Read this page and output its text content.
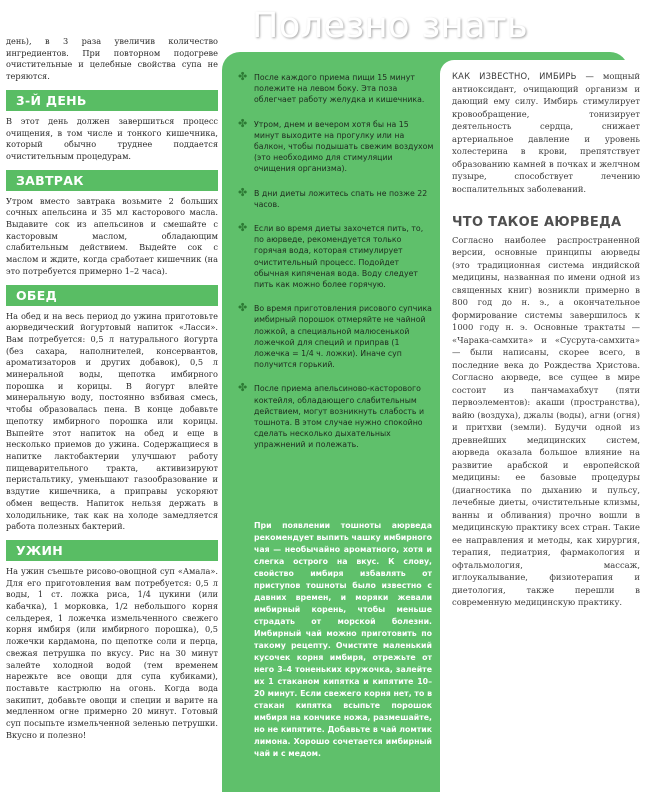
день), в 3 раза увеличив количество ингредиентов. При повторном подогреве очистительные и целебные свойства супа не теряются.

3-Й ДЕНЬ

В этот день должен завершиться процесс очищения, в том числе и тонкого кишечника, который обычно труднее поддается очистительным процедурам.

ЗАВТРАК

Утром вместо завтрака возьмите 2 больших сочных апельсина и 35 мл касторового масла. Выдавите сок из апельсинов и смешайте с касторовым маслом, обладающим слабительным действием. Выдейте сок с маслом и ждите, когда сработает кишечник (на это потребуется примерно 1–2 часа).

ОБЕД

На обед и на весь период до ужина приготовьте аюрведический йогуртовый напиток «Ласси». Вам потребуется: 0,5 л натурального йогурта (без сахара, наполнителей, консервантов, ароматизаторов и других добавок), 0,5 л минеральной воды, щепотка имбирного порошка и корицы. В йогурт влейте минеральную воду, постоянно взбивая смесь, чтобы образовалась пена. В конце добавьте щепотку имбирного порошка или корицы. Выпейте этот напиток на обед и еще в несколько приемов до ужина. Содержащиеся в напитке лактобактерии улучшают работу пищеварительного тракта, активизируют перистальтику, уменьшают газообразование и вздутие кишечника, а приправы ускоряют обмен веществ. Напиток нельзя держать в холодильнике, так как на холоде замедляется работа полезных бактерий.

УЖИН

На ужин съешьте рисово-овощной суп «Амала». Для его приготовления вам потребуется: 0,5 л воды, 1 ст. ложка риса, 1/4 цукини (или кабачка), 1 морковка, 1/2 небольшого корня сельдерея, 1 ложечка измельченного свежего корня имбиря (или имбирного порошка), 0,5 ложечки кардамона, по щепотке соли и перца, свежая петрушка по вкусу. Рис на 30 минут залейте холодной водой (тем временем нарежьте все овощи для супа кубиками), поставьте кастрюлю на огонь. Когда вода закипит, добавьте овощи и специи и варите на медленном огне примерно 20 минут. Готовый суп посыпьте измельченной зеленью петрушки. Вкусно и полезно!

Полезно знать
✤ После каждого приема пищи 15 минут полежите на левом боку. Эта поза облегчает работу желудка и кишечника.
✤ Утром, днем и вечером хотя бы на 15 минут выходите на прогулку или на балкон, чтобы подышать свежим воздухом (это необходимо для стимуляции очищения организма).
✤ В дни диеты ложитесь спать не позже 22 часов.
✤ Если во время диеты захочется пить, то, по аюрведе, рекомендуется только горячая вода, которая стимулирует очистительный процесс. Подойдет обычная кипяченая вода. Воду следует пить как можно более горячую.
✤ Во время приготовления рисового супчика имбирный порошок отмеряйте не чайной ложкой, а специальной малюсенькой ложечкой для специй и приправ (1 ложечка = 1/4 ч. ложки). Иначе суп получится горький.
✤ После приема апельсиново-касторового коктейля, обладающего слабительным действием, могут возникнуть слабость и тошнота. В этом случае нужно спокойно сделать несколько дыхательных упражнений и полежать.
При появлении тошноты аюрведа рекомендует выпить чашку имбирного чая — необычайно ароматного, хотя и слегка острого на вкус. К слову, свойство имбиря избавлять от приступов тошноты было известно с давних времен, и моряки жевали имбирный корень, чтобы меньше страдать от морской болезни. Имбирный чай можно приготовить по такому рецепту. Очистите маленький кусочек корня имбиря, отрежьте от него 3–4 тоненьких кружочка, залейте их 1 стаканом кипятка и кипятите 10–20 минут. Если свежего корня нет, то в стакан кипятка всыпьте порошок имбиря на кончике ножа, размешайте, но не кипятите. Добавьте в чай ломтик лимона. Хорошо сочетается имбирный чай и с медом.

КАК ИЗВЕСТНО, ИМБИРЬ — мощный антиоксидант, очищающий организм и дающий ему силу. Имбирь стимулирует кровообращение, тонизирует деятельность сердца, снижает артериальное давление и уровень холестерина в крови, препятствует образованию камней в почках и желчном пузыре, способствует лечению воспалительных заболеваний.

ЧТО ТАКОЕ АЮРВЕДА

Согласно наиболее распространенной версии, основные принципы аюрведы (это традиционная система индийской медицины, названная по имени одной из священных книг) возникли примерно в 800 год до н. э., а окончательное формирование системы завершилось к 1000 году н. э. Основные трактаты — «Чарака-самхита» и «Сусрута-самхита» — были написаны, скорее всего, в последние века до Рождества Христова. Согласно аюрведе, все сущее в мире состоит из панчамахабхут (пяти первоэлементов): акаши (пространства), вайю (воздуха), джалы (воды), агни (огня) и притхви (земли). Будучи одной из древнейших медицинских систем, аюрведа оказала большое влияние на развитие арабской и европейской медицины: ее базовые процедуры (диагностика по дыханию и пульсу, лечебные диеты, очистительные клизмы, ванны и обливания) прочно вошли в медицинскую практику всех стран. Такие ее направления и методы, как хирургия, терапия, педиатрия, фармакология и офтальмология, массаж, иглоукалывание, физиотерапия и диетология, также перешли в современную медицинскую практику.
